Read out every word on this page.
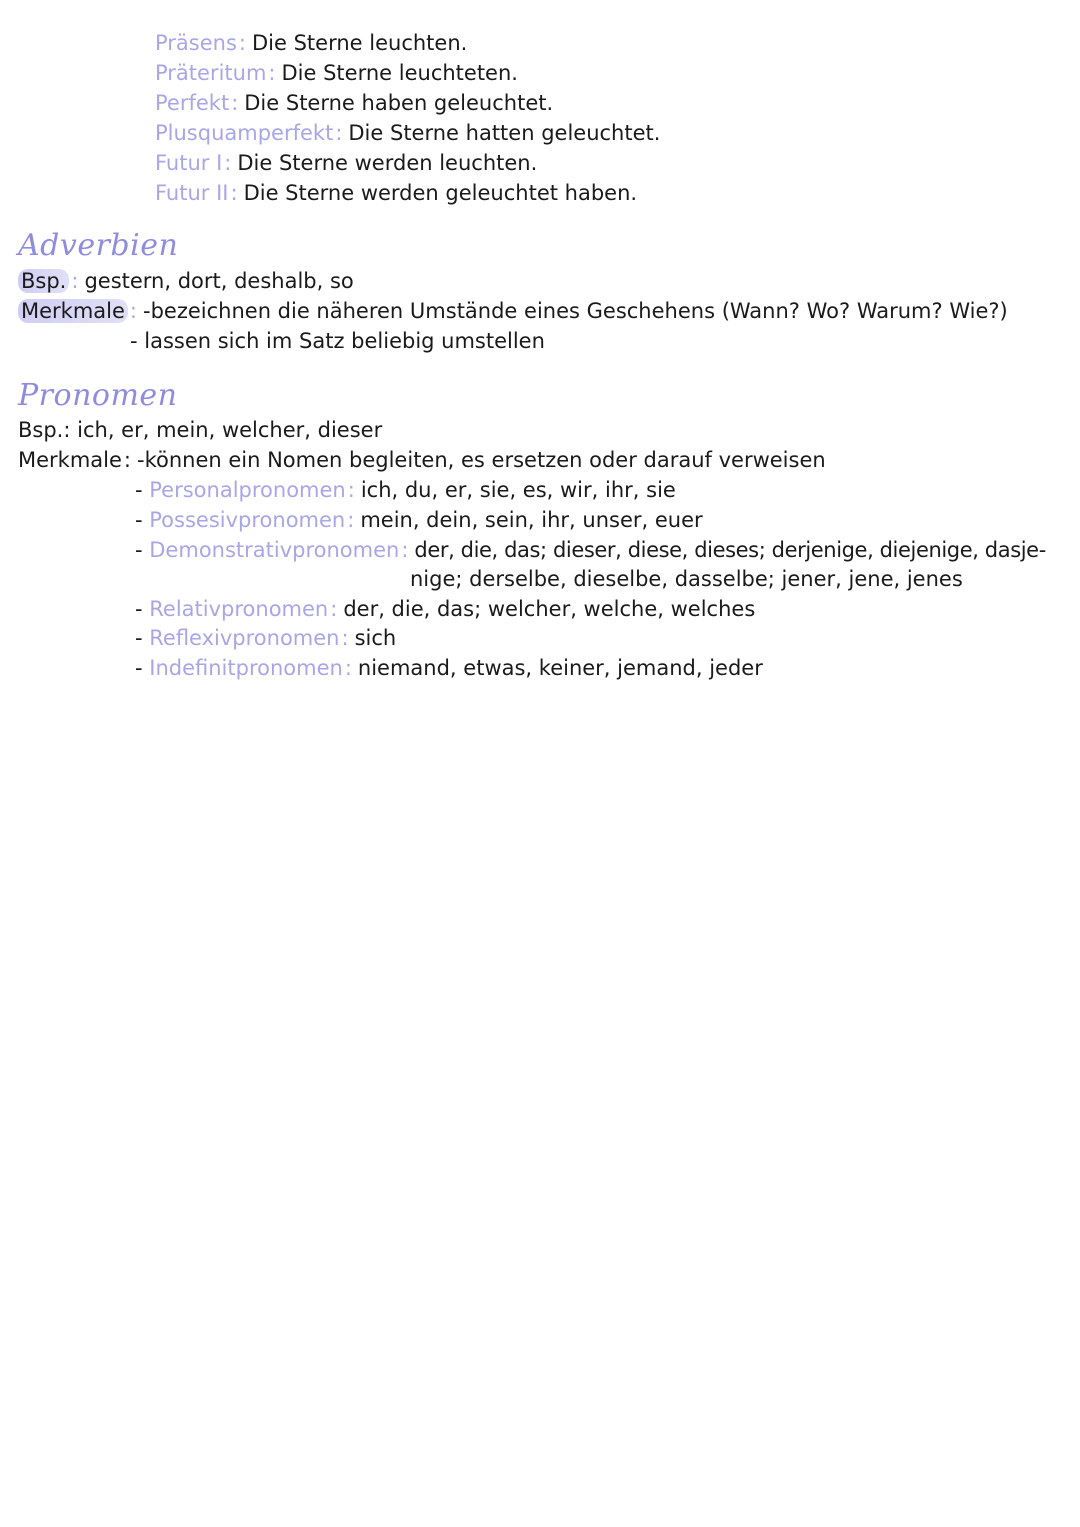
Präsens: Die Sterne leuchten.
Präteritum: Die Sterne leuchteten.
Perfekt: Die Sterne haben geleuchtet.
Plusquamperfekt: Die Sterne hatten geleuchtet.
Futur I: Die Sterne werden leuchten.
Futur II: Die Sterne werden geleuchtet haben.
Adverbien
Bsp. : gestern, dort, deshalb, so
Merkmale : -bezeichnen die näheren Umstände eines Geschehens (Wann? Wo? Warum? Wie?)
- lassen sich im Satz beliebig umstellen
Pronomen
Bsp.: ich, er, mein, welcher, dieser
Merkmale: -können ein Nomen begleiten, es ersetzen oder darauf verweisen
- Personalpronomen: ich, du, er, sie, es, wir, ihr, sie
- Possesivpronomen: mein, dein, sein, ihr, unser, euer
- Demonstrativpronomen: der, die, das; dieser, diese, dieses; derjenige, diejenige, dasje-
nige; derselbe, dieselbe, dasselbe; jener, jene, jenes
- Relativpronomen: der, die, das; welcher, welche, welches
- Reflexivpronomen: sich
- Indefinitpronomen: niemand, etwas, keiner, jemand, jeder
